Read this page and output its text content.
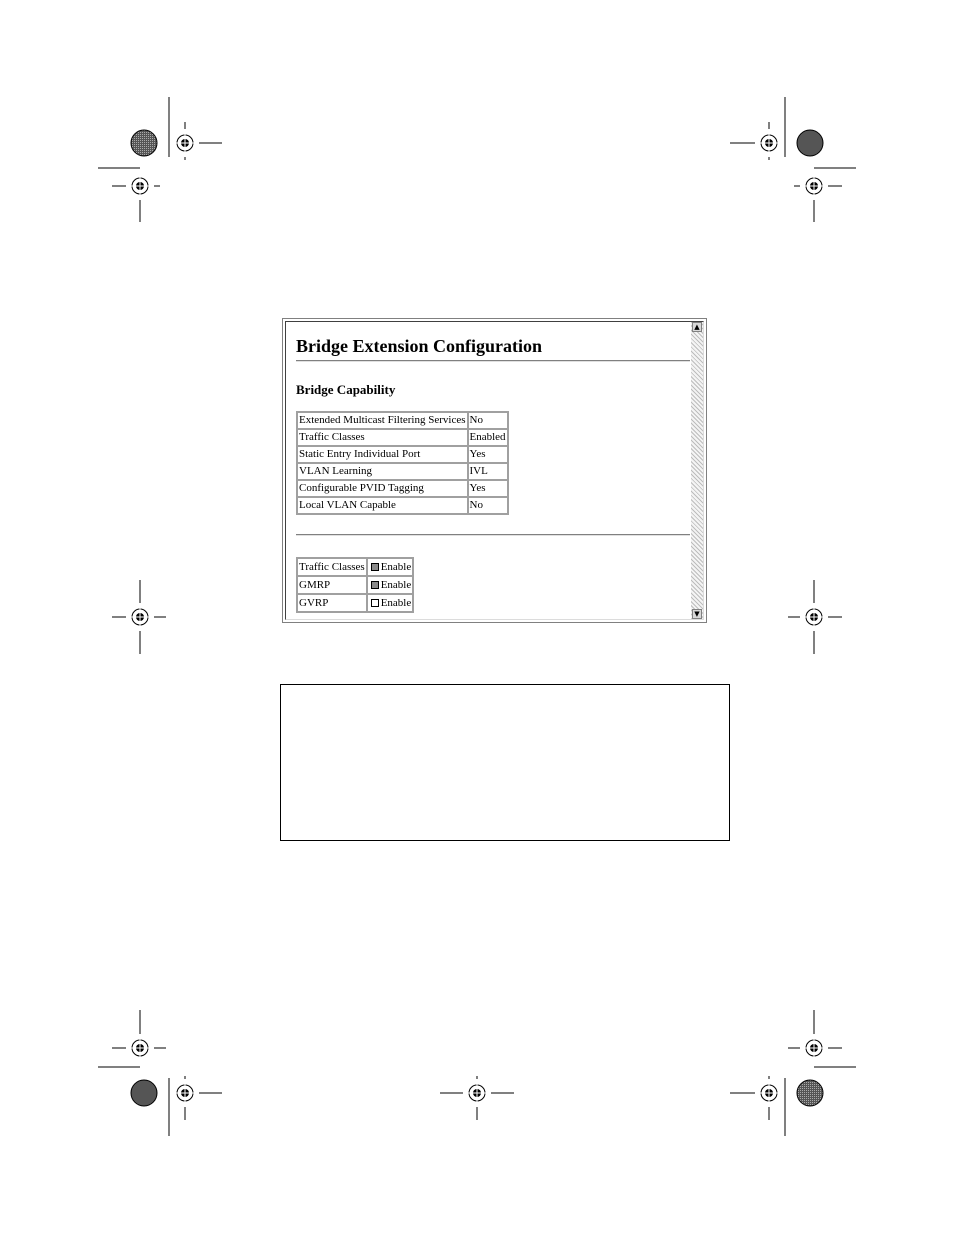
Bridge Extension Configuration
Bridge Capability
Extended Multicast Filtering Services	No
Traffic Classes	Enabled
Static Entry Individual Port	Yes
VLAN Learning	IVL
Configurable PVID Tagging	Yes
Local VLAN Capable	No
Traffic Classes	Enable
GMRP	Enable
GVRP	Enable
▲
▼
